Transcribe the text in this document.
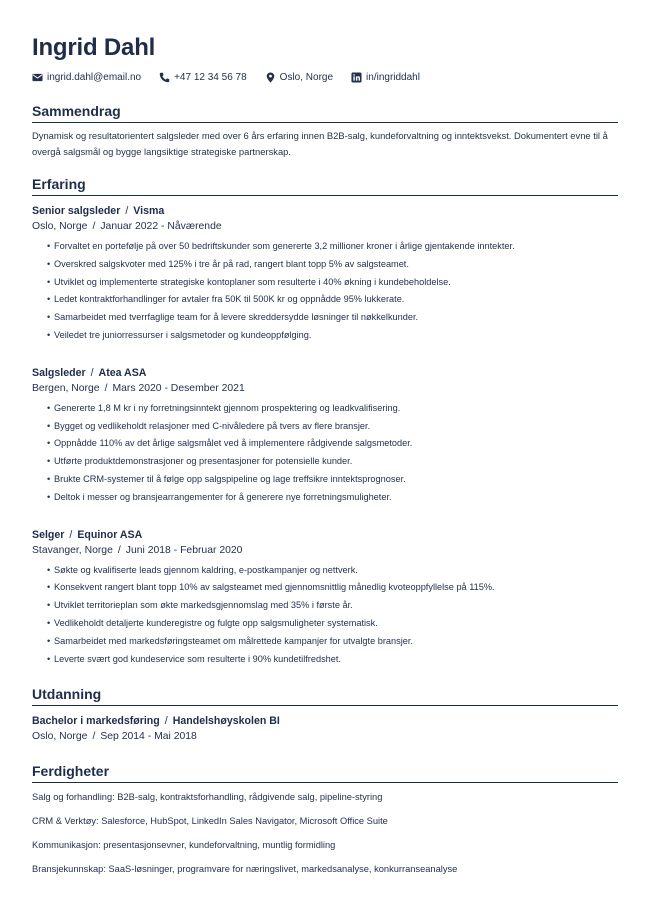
Ingrid Dahl
ingrid.dahl@email.no	+47 12 34 56 78	Oslo, Norge	in/ingriddahl
Sammendrag
Dynamisk og resultatorientert salgsleder med over 6 års erfaring innen B2B-salg, kundeforvaltning og inntektsvekst. Dokumentert evne til å overgå salgsmål og bygge langsiktige strategiske partnerskap.
Erfaring
Senior salgsleder / Visma
Oslo, Norge / Januar 2022 - Nåværende
• Forvaltet en portefølje på over 50 bedriftskunder som genererte 3,2 millioner kroner i årlige gjentakende inntekter.
• Overskred salgskvoter med 125% i tre år på rad, rangert blant topp 5% av salgsteamet.
• Utviklet og implementerte strategiske kontoplaner som resulterte i 40% økning i kundebeholdelse.
• Ledet kontraktforhandlinger for avtaler fra 50K til 500K kr og oppnådde 95% lukkerate.
• Samarbeidet med tverrfaglige team for å levere skreddersydde løsninger til nøkkelkunder.
• Veiledet tre juniorressurser i salgsmetoder og kundeoppfølging.
Salgsleder / Atea ASA
Bergen, Norge / Mars 2020 - Desember 2021
• Genererte 1,8 M kr i ny forretningsinntekt gjennom prospektering og leadkvalifisering.
• Bygget og vedlikeholdt relasjoner med C-nivåledere på tvers av flere bransjer.
• Oppnådde 110% av det årlige salgsmålet ved å implementere rådgivende salgsmetoder.
• Utførte produktdemonstrasjoner og presentasjoner for potensielle kunder.
• Brukte CRM-systemer til å følge opp salgspipeline og lage treffsikre inntektsprognoser.
• Deltok i messer og bransjearrangementer for å generere nye forretningsmuligheter.
Selger / Equinor ASA
Stavanger, Norge / Juni 2018 - Februar 2020
• Søkte og kvalifiserte leads gjennom kaldring, e-postkampanjer og nettverk.
• Konsekvent rangert blant topp 10% av salgsteamet med gjennomsnittlig månedlig kvoteoppfyllelse på 115%.
• Utviklet territorieplan som økte markedsgjennomslag med 35% i første år.
• Vedlikeholdt detaljerte kunderegistre og fulgte opp salgsmuligheter systematisk.
• Samarbeidet med markedsføringsteamet om målrettede kampanjer for utvalgte bransjer.
• Leverte svært god kundeservice som resulterte i 90% kundetilfredshet.
Utdanning
Bachelor i markedsføring / Handelshøyskolen BI
Oslo, Norge / Sep 2014 - Mai 2018
Ferdigheter
Salg og forhandling: B2B-salg, kontraktsforhandling, rådgivende salg, pipeline-styring
CRM & Verktøy: Salesforce, HubSpot, LinkedIn Sales Navigator, Microsoft Office Suite
Kommunikasjon: presentasjonsevner, kundeforvaltning, muntlig formidling
Bransjekunnskap: SaaS-løsninger, programvare for næringslivet, markedsanalyse, konkurranseanalyse
